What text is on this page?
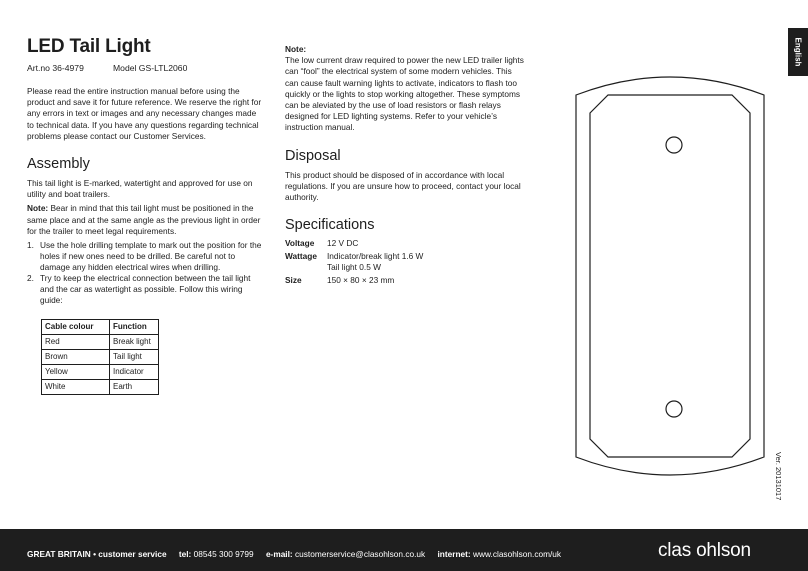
LED Tail Light
Art.no 36-4979	Model GS-LTL2060

Please read the entire instruction manual before using the product and save it for future reference. We reserve the right for any errors in text or images and any necessary changes made to technical data. If you have any questions regarding technical problems please contact our Customer Services.

Assembly

This tail light is E-marked, watertight and approved for use on utility and boat trailers.

Note: Bear in mind that this tail light must be positioned in the same place and at the same angle as the previous light in order for the trailer to meet legal requirements.

1. Use the hole drilling template to mark out the position for the holes if new ones need to be drilled. Be careful not to damage any hidden electrical wires when drilling.
2. Try to keep the electrical connection between the tail light and the car as watertight as possible. Follow this wiring guide:
Cable colour	Function
Red	Break light
Brown	Tail light
Yellow	Indicator
White	Earth

Note:
The low current draw required to power the new LED trailer lights can “fool” the electrical system of some modern vehicles. This can cause fault warning lights to activate, indicators to flash too quickly or the lights to stop working altogether. These symptoms can be aleviated by the use of load resistors or flash relays designed for LED lighting systems. Refer to your vehicle’s instruction manual.

Disposal

This product should be disposed of in accordance with local regulations. If you are unsure how to proceed, contact your local authority.

Specifications
Voltage	12 V DC
Wattage	Indicator/break light 1.6 W
Tail light 0.5 W
Size	150 × 80 × 23 mm
English
Ver. 20131017
GREAT BRITAIN • customer service tel: 08545 300 9799 e-mail: customerservice@clasohlson.co.uk internet: www.clasohlson.com/uk	clas ohlson
